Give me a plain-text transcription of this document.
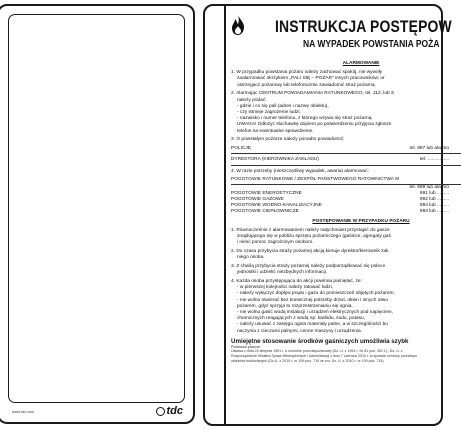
www.tdc.com	tdc
INSTRUKCJA POSTĘPOW
NA WYPADEK POWSTANIA POŻA
ALARMOWANIE

1. W przypadku powstania pożaru należy zachować spokój, nie wywoły
zaalarmować okrzykiem „PALI SIĘ – POŻAR” innych pracowników, ur
ostrzegacz pożarowy lub telefonicznie zawiadomić straż pożarną.

2. Alarmując CENTRUM POWIADAMIANIA RATUNKOWEGO, tel. 112, lub S
należy podać:
- gdzie i co się pali (adres i nazwę obiektu),
- czy istnieje zagrożenie ludzi,
- nazwisko i numer telefonu, z którego wzywa się straż pożarną.
UWAGA! Odłożyć słuchawkę dopiero po potwierdzeniu przyjęcia zgłosze
telefon na ewentualne sprawdzenie.

3. O powstałym pożarze należy ponadto powiadomić:

POLICJĘ	tel. 997 lub alarmo
DYREKTORA (KIEROWNIKA ZAKŁADU)	tel. ................

4. W razie potrzeby (nieszczęśliwy wypadek, awaria) alarmować:

POGOTOWIE RATUNKOWE / ZESPÓŁ PAŃSTWOWEGO RATOWNICTWA M
tel. 999 lub alarmo
POGOTOWIE ENERGETYCZNE	991 lub .........
POGOTOWIE GAZOWE	992 lub .........
POGOTOWIE WODNO-KANALIZACYJNE	994 lub .........
POGOTOWIE CIEPŁOWNICZE	993 lub .........
POSTĘPOWANIE W PRZYPADKU POŻARU

1. Równocześnie z alarmowaniem należy natychmiast przystąpić do gasze
znajdującego się w pobliżu sprzętu pożarniczego (gaśnice, agregaty gaś
i niesć pomoc zagrożonym osobom.

2. Do czasu przybycia straży pożarnej akcją kieruje dyrektor/kierownik zak
niego osoba.

3. Z chwilą przybycia straży pożarnej należy podporządkować się polece
jednostki i udzielić niezbędnych informacji.

4. Każda osoba przystępująca do akcji powinna pamiętać, że:
- w pierwszej kolejności należy ratować ludzi,
- należy wyłączyć dopływ prądu i gazu do pomieszczeń objętych pożarem,
- nie wolno otwierać bez koniecznej potrzeby drzwi, okien i innych otwo
pożarem, gdyż sprzyja to rozprzestrzenianiu się ognia,
- nie wolno gasić wodą instalacji i urządzeń elektrycznych pod napięciem,
chemicznych reagujących z wodą np: karbidu, sodu, potasu,
- należy usuwać z zasięgu ognia materiały palne, a w szczególności bu
naczynia z cieczami palnymi, cenne maszyny i urządzenia.

Umiejętne stosowanie środków gaśniczych umożliwia szybk
Podstawa prawna:
Ustawa z dnia 24 sierpnia 1991 r. o ochronie przeciwpożarowej (Dz. U. z 1991 r. Nr 81 poz. 351 t.j.; Dz. U. z
Rozporządzenie Ministra Spraw Wewnętrznych i Administracji z dnia 7 czerwca 2010 r. w sprawie ochrony przeciwpo
obiektów budowlanych (Dz.U. z 2010 r. nr 109 poz. 719 ze zm. Dz. U. z 2010 r. nr 109 poz. 719)
